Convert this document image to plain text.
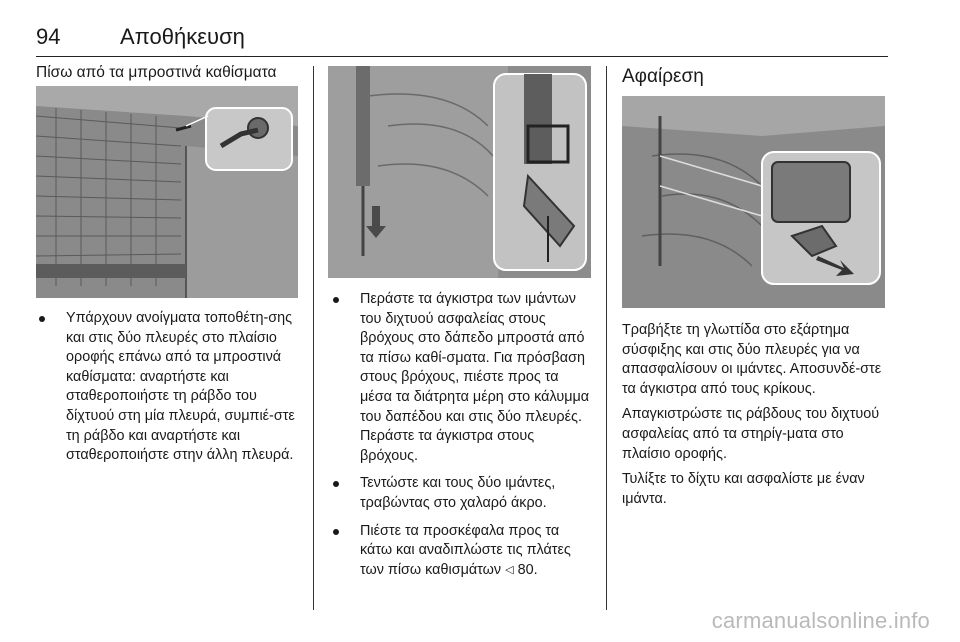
94	Αποθήκευση
Πίσω από τα μπροστινά καθίσματα
Υπάρχουν ανοίγματα τοποθέτη-σης και στις δύο πλευρές στο πλαίσιο οροφής επάνω από τα μπροστινά καθίσματα: αναρτήστε και σταθεροποιήστε τη ράβδο του δίχτυού στη μία πλευρά, συμπιέ-στε τη ράβδο και αναρτήστε και σταθεροποιήστε στην άλλη πλευρά.
Περάστε τα άγκιστρα των ιμάντων του διχτυού ασφαλείας στους βρόχους στο δάπεδο μπροστά από τα πίσω καθί-σματα. Για πρόσβαση στους βρόχους, πιέστε προς τα μέσα τα διάτρητα μέρη στο κάλυμμα του δαπέδου και στις δύο πλευρές. Περάστε τα άγκιστρα στους βρόχους.
Τεντώστε και τους δύο ιμάντες, τραβώντας στο χαλαρό άκρο.
Πιέστε τα προσκέφαλα προς τα κάτω και αναδιπλώστε τις πλάτες των πίσω καθισμάτων ◁ 80.
Αφαίρεση

Τραβήξτε τη γλωττίδα στο εξάρτημα σύσφιξης και στις δύο πλευρές για να απασφαλίσουν οι ιμάντες. Αποσυνδέ-στε τα άγκιστρα από τους κρίκους.

Απαγκιστρώστε τις ράβδους του διχτυού ασφαλείας από τα στηρίγ-ματα στο πλαίσιο οροφής.

Τυλίξτε το δίχτυ και ασφαλίστε με έναν ιμάντα.

carmanualsonline.info
